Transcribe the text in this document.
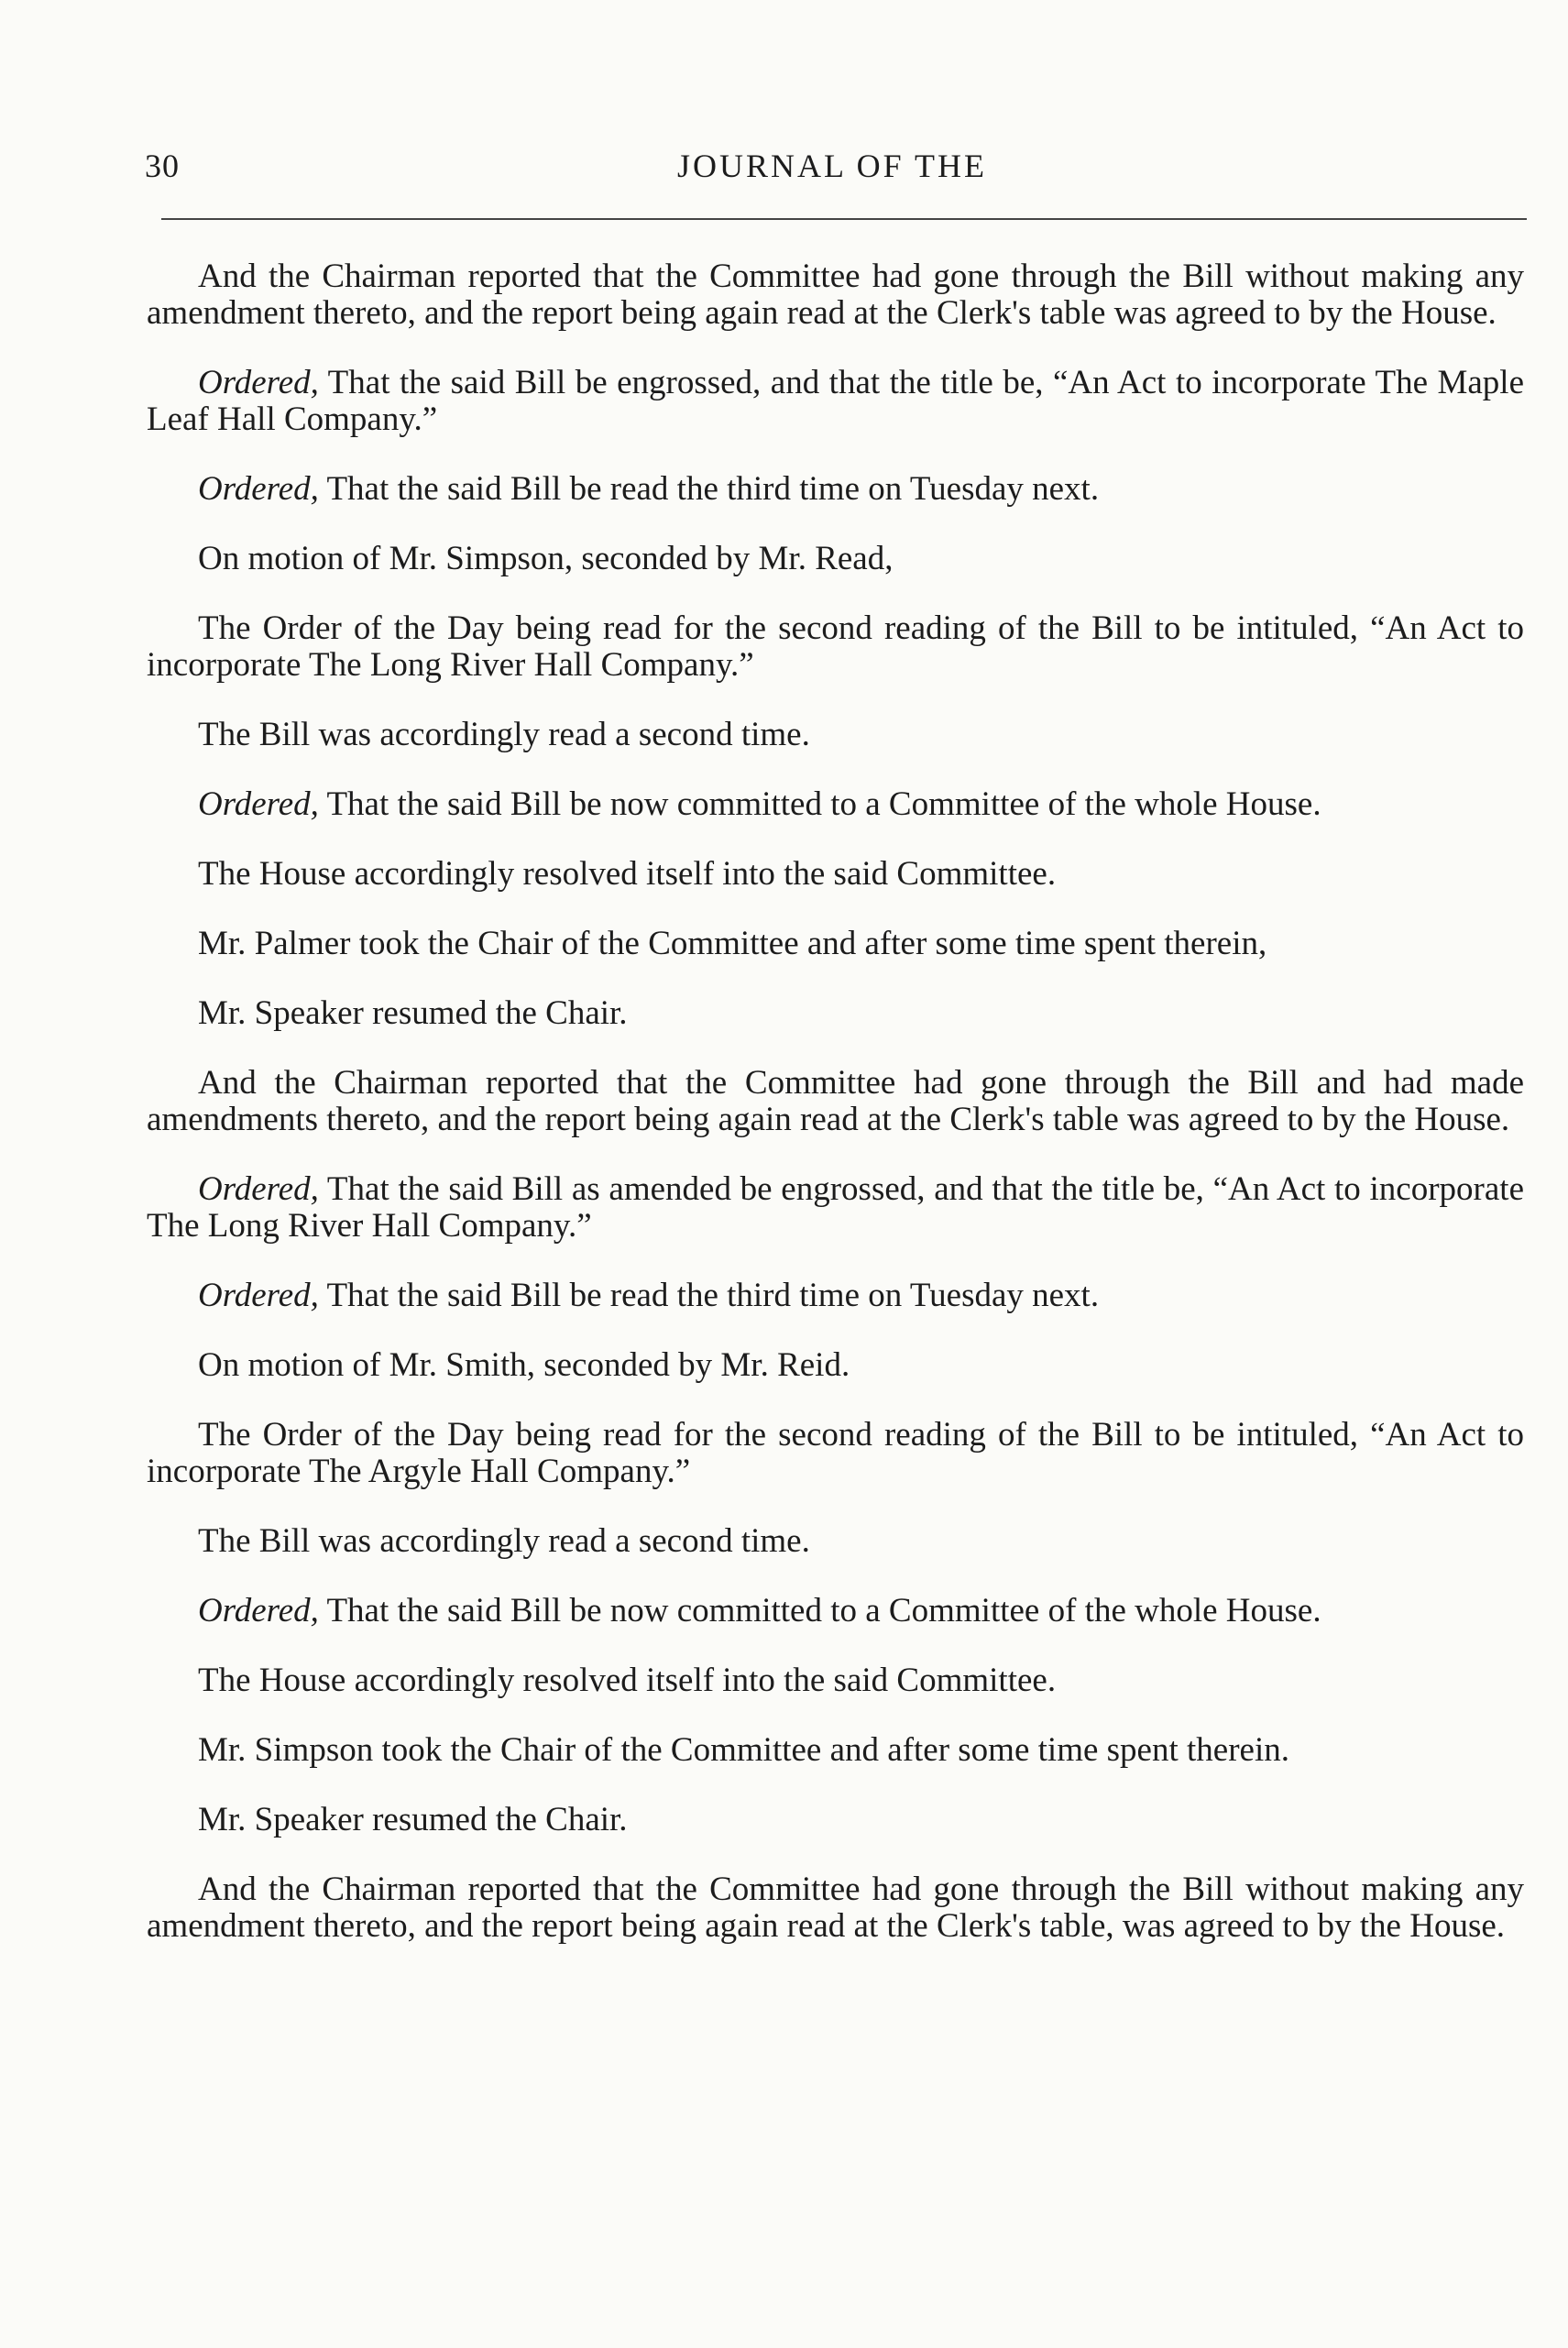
30	JOURNAL OF THE

And the Chairman reported that the Committee had gone through the Bill without making any amendment thereto, and the report being again read at the Clerk's table was agreed to by the House.

Ordered, That the said Bill be engrossed, and that the title be, “An Act to incorporate The Maple Leaf Hall Company.”

Ordered, That the said Bill be read the third time on Tuesday next.

On motion of Mr. Simpson, seconded by Mr. Read,

The Order of the Day being read for the second reading of the Bill to be intituled, “An Act to incorporate The Long River Hall Company.”

The Bill was accordingly read a second time.

Ordered, That the said Bill be now committed to a Committee of the whole House.

The House accordingly resolved itself into the said Committee.

Mr. Palmer took the Chair of the Committee and after some time spent therein,

Mr. Speaker resumed the Chair.

And the Chairman reported that the Committee had gone through the Bill and had made amendments thereto, and the report being again read at the Clerk's table was agreed to by the House.

Ordered, That the said Bill as amended be engrossed, and that the title be, “An Act to incorporate The Long River Hall Company.”

Ordered, That the said Bill be read the third time on Tuesday next.

On motion of Mr. Smith, seconded by Mr. Reid.

The Order of the Day being read for the second reading of the Bill to be intituled, “An Act to incorporate The Argyle Hall Company.”

The Bill was accordingly read a second time.

Ordered, That the said Bill be now committed to a Committee of the whole House.

The House accordingly resolved itself into the said Committee.

Mr. Simpson took the Chair of the Committee and after some time spent therein.

Mr. Speaker resumed the Chair.

And the Chairman reported that the Committee had gone through the Bill without making any amendment thereto, and the report being again read at the Clerk's table, was agreed to by the House.
